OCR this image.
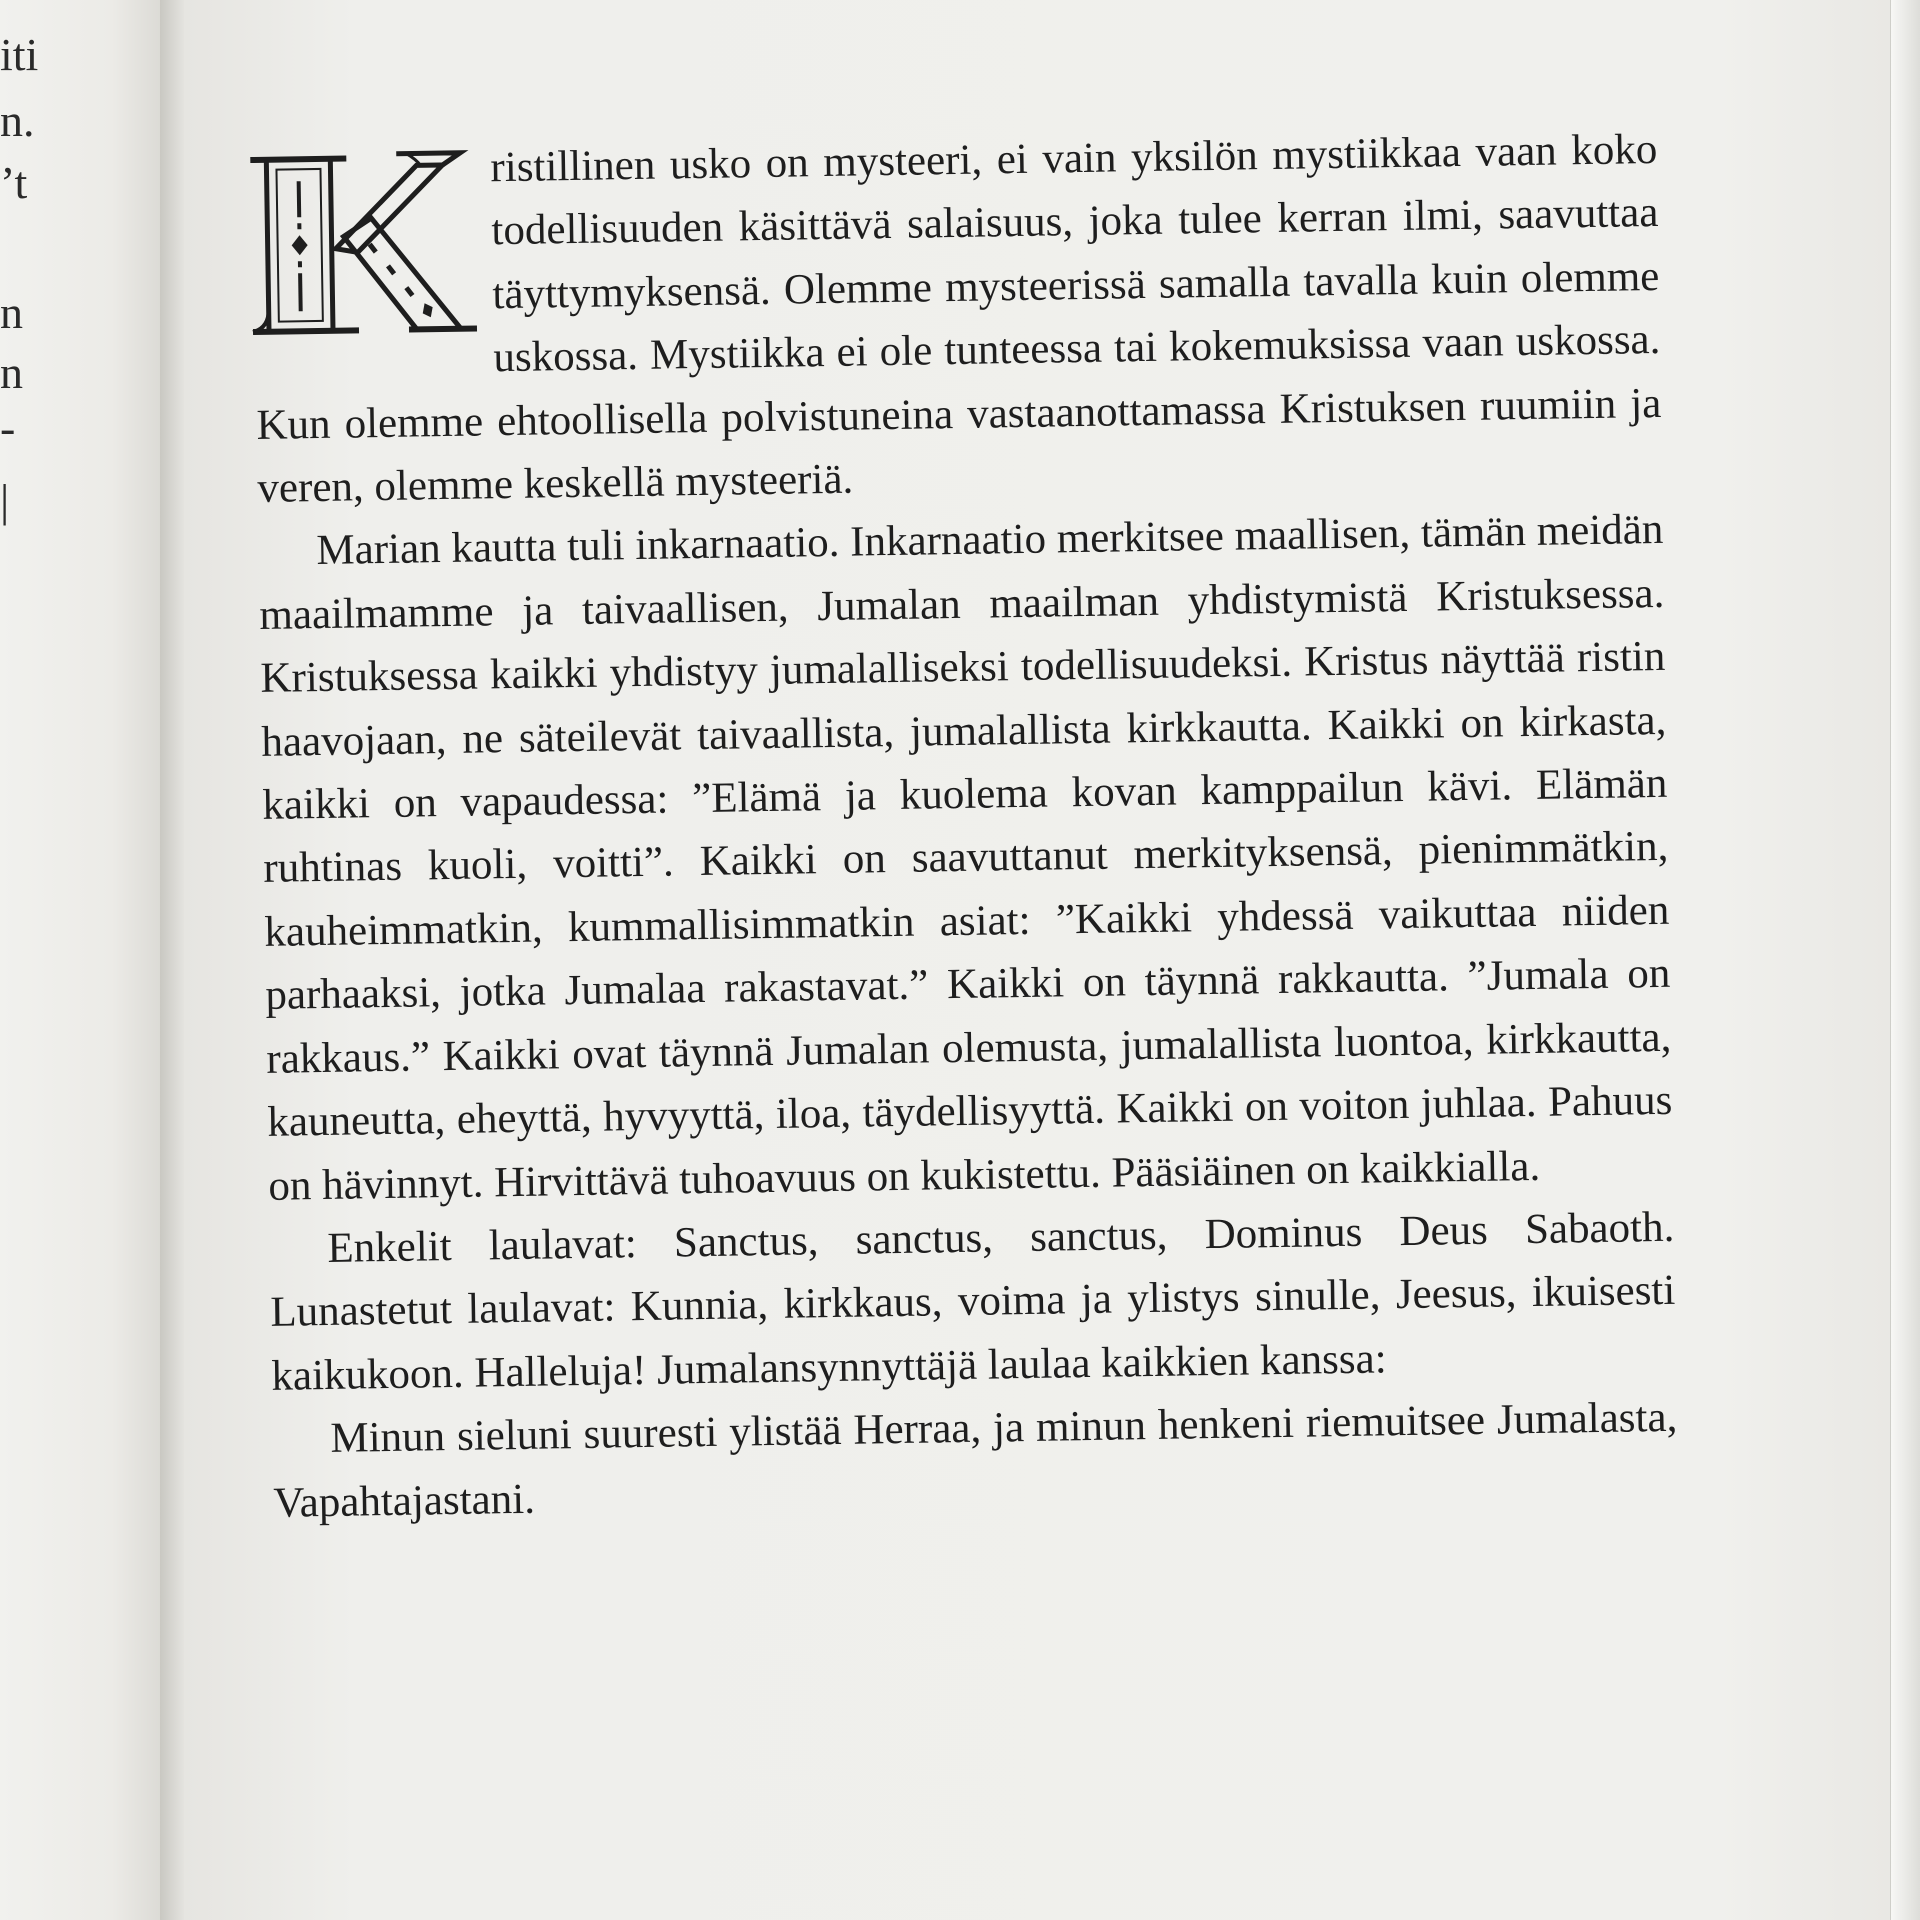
iti
n.
’t
n
n
-
|

ristillinen usko on mysteeri, ei vain yksilön mystiikkaa vaan koko todellisuuden käsittävä salaisuus, joka tulee kerran ilmi, saavuttaa täyttymyksensä. Olemme mysteerissä samalla tavalla kuin olemme uskossa. Mystiikka ei ole tunteessa tai kokemuksissa vaan uskossa. Kun olemme ehtoollisella polvistuneina vastaanottamassa Kristuksen ruumiin ja veren, olemme keskellä mysteeriä.

Marian kautta tuli inkarnaatio. Inkarnaatio merkitsee maallisen, tämän meidän maailmamme ja taivaallisen, Jumalan maailman yhdistymistä Kristuksessa. Kristuksessa kaikki yhdistyy jumalalliseksi todellisuudeksi. Kristus näyttää ristin haavojaan, ne säteilevät taivaallista, jumalallista kirkkautta. Kaikki on kirkasta, kaikki on vapaudessa: ”Elämä ja kuolema kovan kamppailun kävi. Elämän ruhtinas kuoli, voitti”. Kaikki on saavuttanut merkityksensä, pienimmätkin, kauheimmatkin, kummallisimmatkin asiat: ”Kaikki yhdessä vaikuttaa niiden parhaaksi, jotka Jumalaa rakastavat.” Kaikki on täynnä rakkautta. ”Jumala on rakkaus.” Kaikki ovat täynnä Jumalan olemusta, jumalallista luontoa, kirkkautta, kauneutta, eheyttä, hyvyyttä, iloa, täydellisyyttä. Kaikki on voiton juhlaa. Pahuus on hävinnyt. Hirvittävä tuhoavuus on kukistettu. Pääsiäinen on kaikkialla.

Enkelit laulavat: Sanctus, sanctus, sanctus, Dominus Deus Sabaoth. Lunastetut laulavat: Kunnia, kirkkaus, voima ja ylistys sinulle, Jeesus, ikuisesti kaikukoon. Halleluja! Jumalansynnyttäjä laulaa kaikkien kanssa:

Minun sieluni suuresti ylistää Herraa, ja minun henkeni riemuitsee Jumalasta, Vapahtajastani.
